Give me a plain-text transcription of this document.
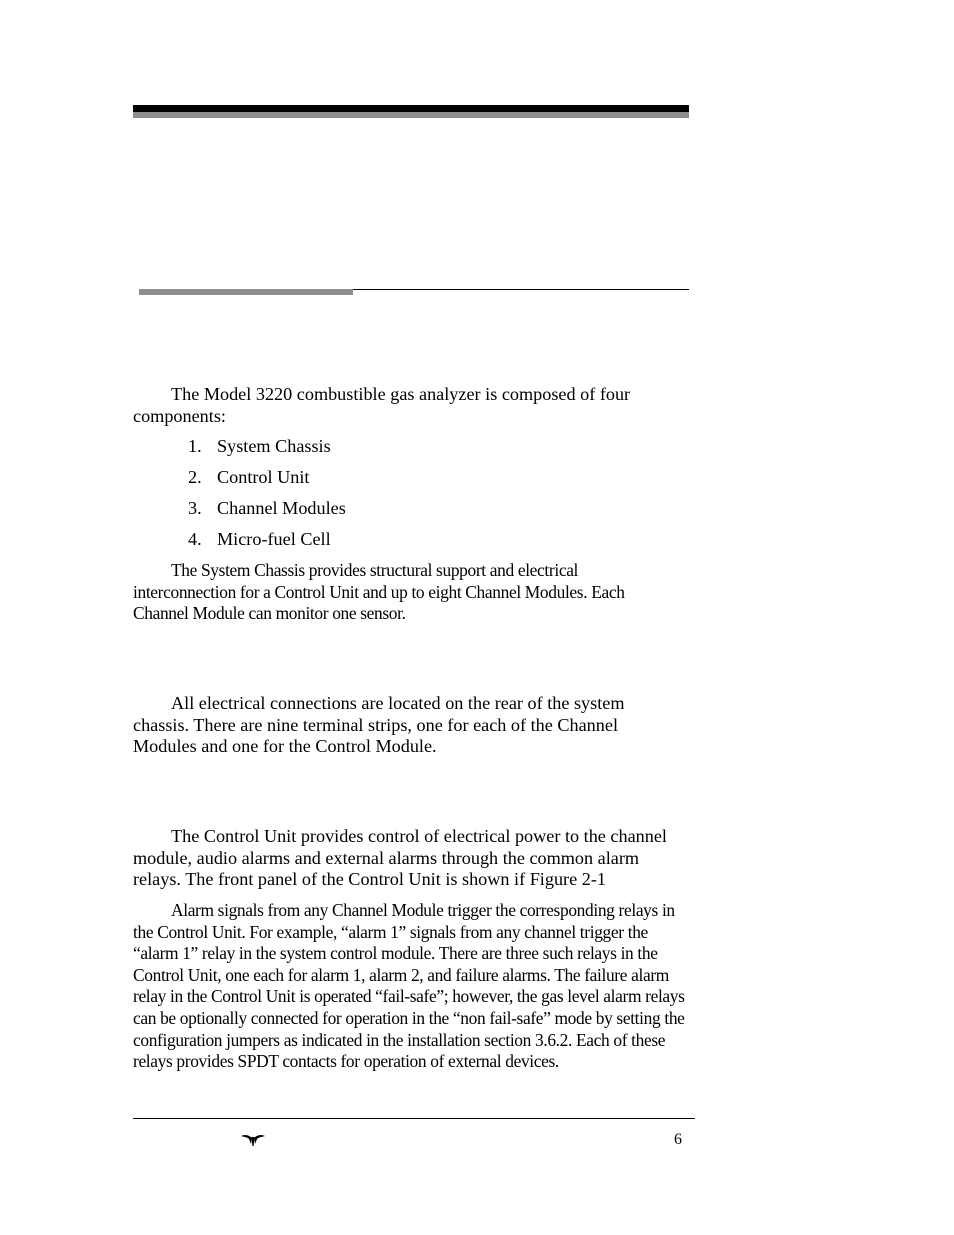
The Model 3220 combustible gas analyzer is composed of four components:

1. System Chassis
2. Control Unit
3. Channel Modules
4. Micro-fuel Cell

The System Chassis provides structural support and electrical interconnection for a Control Unit and up to eight Channel Modules. Each Channel Module can monitor one sensor.

All electrical connections are located on the rear of the system chassis. There are nine terminal strips, one for each of the Channel Modules and one for the Control Module.

The Control Unit provides control of electrical power to the channel module, audio alarms and external alarms through the common alarm relays. The front panel of the Control Unit is shown if Figure 2-1

Alarm signals from any Channel Module trigger the corresponding relays in the Control Unit. For example, “alarm 1” signals from any channel trigger the “alarm 1” relay in the system control module. There are three such relays in the Control Unit, one each for alarm 1, alarm 2, and failure alarms. The failure alarm relay in the Control Unit is operated “fail-safe”; however, the gas level alarm relays can be optionally connected for operation in the “non fail-safe” mode by setting the configuration jumpers as indicated in the installation section 3.6.2. Each of these relays provides SPDT contacts for operation of external devices.

6
